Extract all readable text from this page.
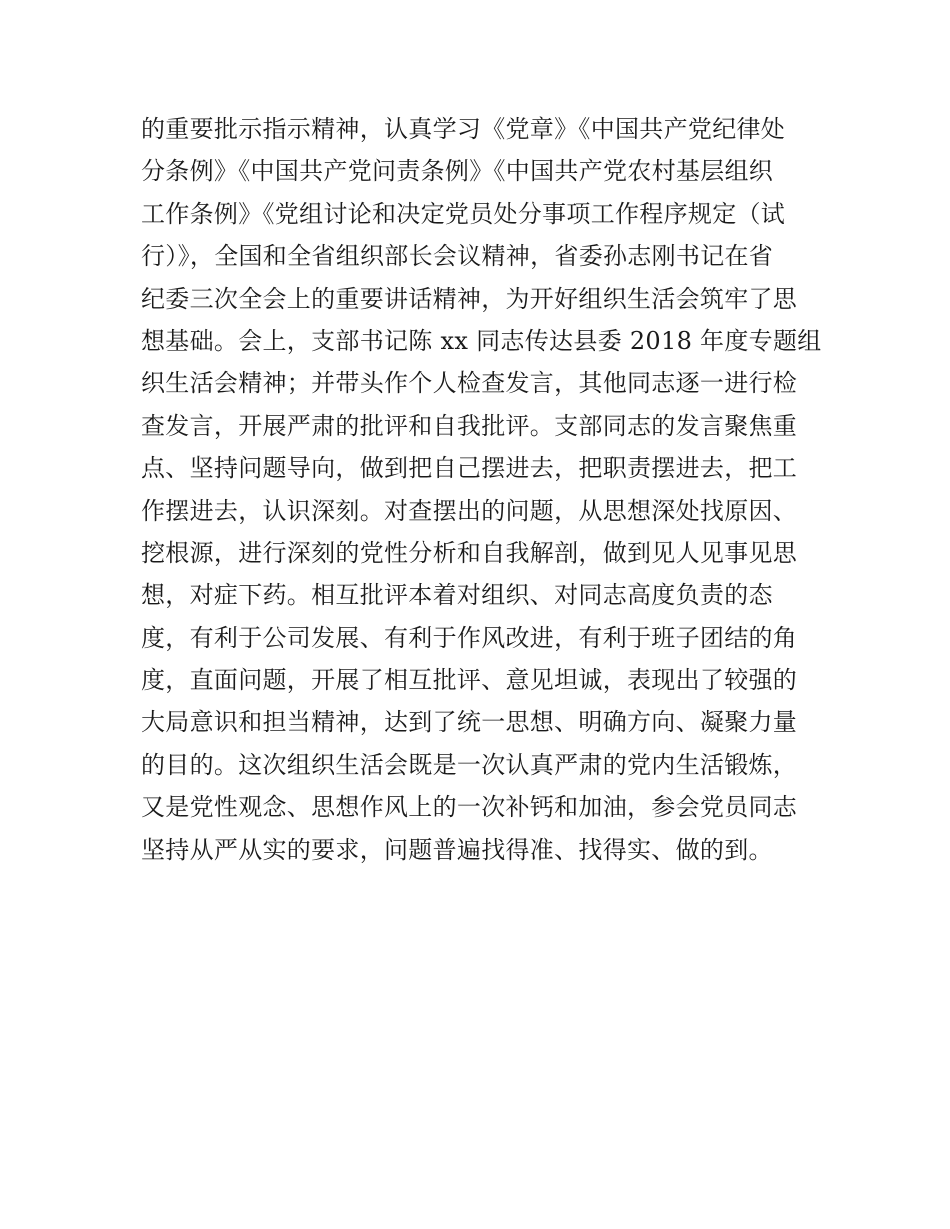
的重要批示指示精神，认真学习《党章》《中国共产党纪律处
分条例》《中国共产党问责条例》《中国共产党农村基层组织
工作条例》《党组讨论和决定党员处分事项工作程序规定（试
行）》，全国和全省组织部长会议精神，省委孙志刚书记在省
纪委三次全会上的重要讲话精神，为开好组织生活会筑牢了思
想基础。会上，支部书记陈 xx 同志传达县委 2018 年度专题组
织生活会精神；并带头作个人检查发言，其他同志逐一进行检
查发言，开展严肃的批评和自我批评。支部同志的发言聚焦重
点、坚持问题导向，做到把自己摆进去，把职责摆进去，把工
作摆进去，认识深刻。对查摆出的问题，从思想深处找原因、
挖根源，进行深刻的党性分析和自我解剖，做到见人见事见思
想，对症下药。相互批评本着对组织、对同志高度负责的态
度，有利于公司发展、有利于作风改进，有利于班子团结的角
度，直面问题，开展了相互批评、意见坦诚，表现出了较强的
大局意识和担当精神，达到了统一思想、明确方向、凝聚力量
的目的。这次组织生活会既是一次认真严肃的党内生活锻炼，
又是党性观念、思想作风上的一次补钙和加油，参会党员同志
坚持从严从实的要求，问题普遍找得准、找得实、做的到。
